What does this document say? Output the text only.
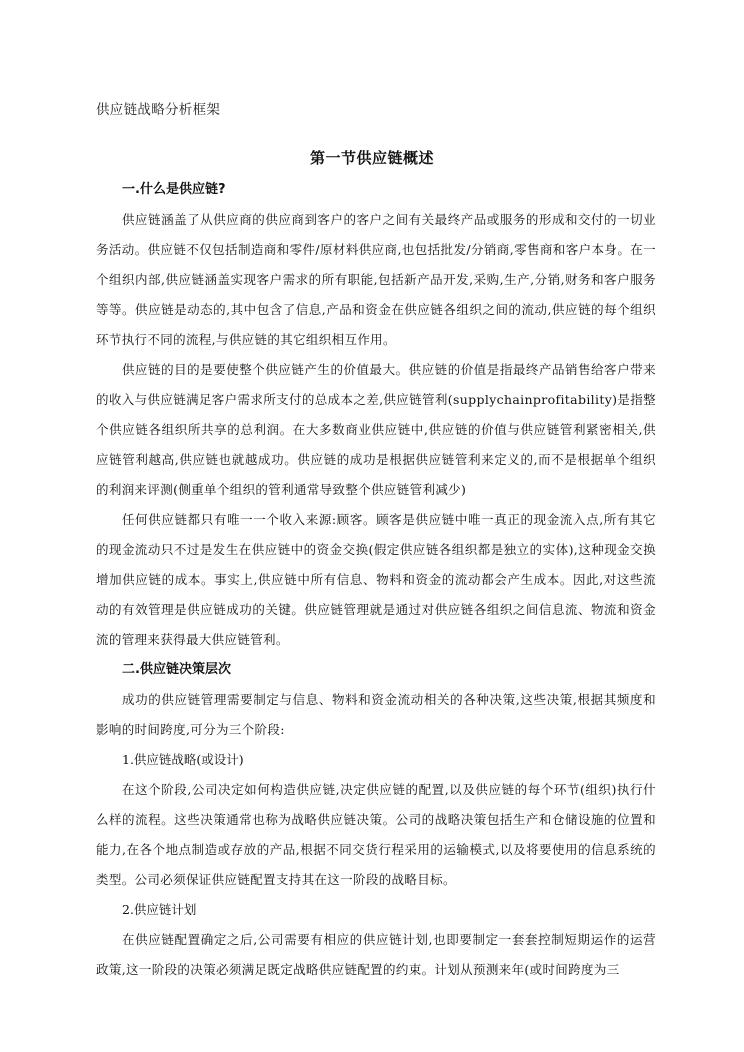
供应链战略分析框架
第一节供应链概述
一.什么是供应链?

供应链涵盖了从供应商的供应商到客户的客户之间有关最终产品或服务的形成和交付的一切业务活动。供应链不仅包括制造商和零件/原材料供应商,也包括批发/分销商,零售商和客户本身。在一个组织内部,供应链涵盖实现客户需求的所有职能,包括新产品开发,采购,生产,分销,财务和客户服务等等。供应链是动态的,其中包含了信息,产品和资金在供应链各组织之间的流动,供应链的每个组织环节执行不同的流程,与供应链的其它组织相互作用。

供应链的目的是要使整个供应链产生的价值最大。供应链的价值是指最终产品销售给客户带来的收入与供应链满足客户需求所支付的总成本之差,供应链管利(supplychainprofitability)是指整个供应链各组织所共享的总利润。在大多数商业供应链中,供应链的价值与供应链管利紧密相关,供应链管利越高,供应链也就越成功。供应链的成功是根据供应链管利来定义的,而不是根据单个组织的利润来评测(侧重单个组织的管利通常导致整个供应链管利减少)

任何供应链都只有唯一一个收入来源:顾客。顾客是供应链中唯一真正的现金流入点,所有其它的现金流动只不过是发生在供应链中的资金交换(假定供应链各组织都是独立的实体),这种现金交换增加供应链的成本。事实上,供应链中所有信息、物料和资金的流动都会产生成本。因此,对这些流动的有效管理是供应链成功的关键。供应链管理就是通过对供应链各组织之间信息流、物流和资金流的管理来获得最大供应链管利。

二.供应链决策层次

成功的供应链管理需要制定与信息、物料和资金流动相关的各种决策,这些决策,根据其频度和影响的时间跨度,可分为三个阶段:

1.供应链战略(或设计)

在这个阶段,公司决定如何构造供应链,决定供应链的配置,以及供应链的每个环节(组织)执行什么样的流程。这些决策通常也称为战略供应链决策。公司的战略决策包括生产和仓储设施的位置和能力,在各个地点制造或存放的产品,根据不同交货行程采用的运输模式,以及将要使用的信息系统的类型。公司必须保证供应链配置支持其在这一阶段的战略目标。

2.供应链计划

在供应链配置确定之后,公司需要有相应的供应链计划,也即要制定一套套控制短期运作的运营政策,这一阶段的决策必须满足既定战略供应链配置的约束。计划从预测来年(或时间跨度为三
